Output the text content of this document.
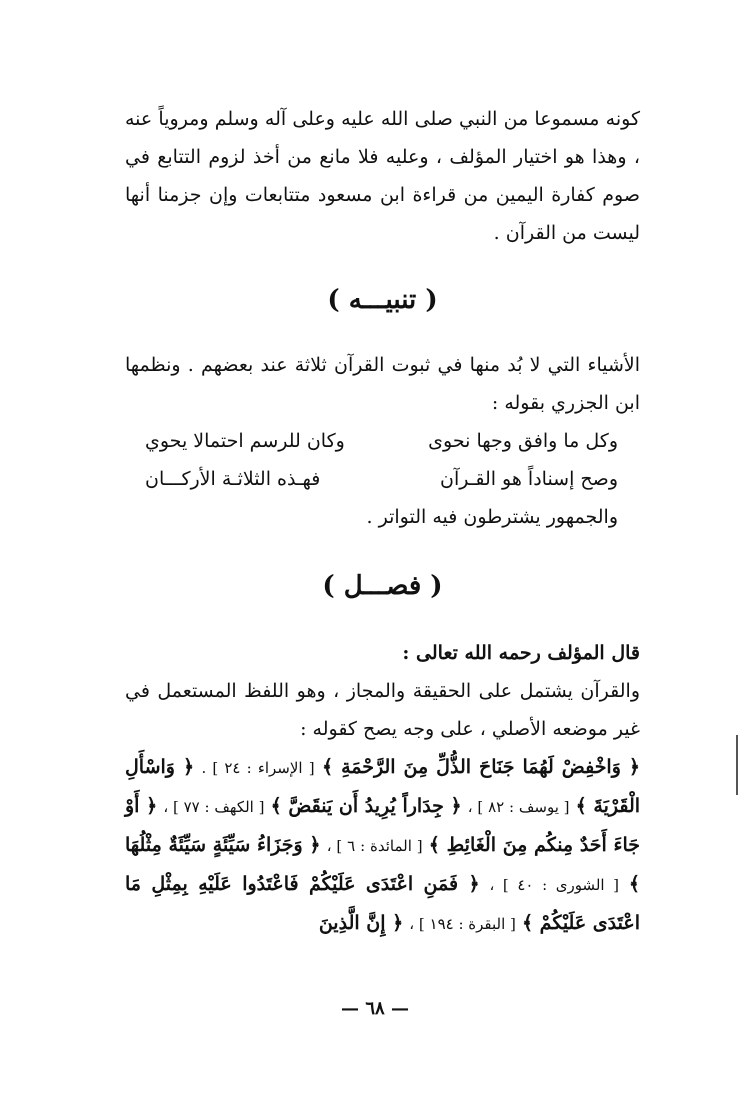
كونه مسموعا من النبي صلى الله عليه وعلى آله وسلم ومروياً عنه ، وهذا هو اختيار المؤلف ، وعليه فلا مانع من أخذ لزوم التتابع في صوم كفارة اليمين من قراءة ابن مسعود متتابعات وإن جزمنا أنها ليست من القرآن .

( تنبيـــه )

الأشياء التي لا بُد منها في ثبوت القرآن ثلاثة عند بعضهم . ونظمها ابن الجزري بقوله :

وكل ما وافق وجها نحوى
وكان للرسم احتمالا يحوي
وصح إسناداً هو القـرآن
فهـذه الثلاثـة الأركـــان

والجمهور يشترطون فيه التواتر .

( فصـــل )

قال المؤلف رحمه الله تعالى :

والقرآن يشتمل على الحقيقة والمجاز ، وهو اللفظ المستعمل في غير موضعه الأصلي ، على وجه يصح كقوله :

﴿ وَاخْفِضْ لَهُمَا جَنَاحَ الذُّلِّ مِنَ الرَّحْمَةِ ﴾ [ الإسراء : ٢٤ ] . ﴿ وَاسْأَلِ الْقَرْيَةَ ﴾ [ يوسف : ٨٢ ] ، ﴿ جِدَاراً يُرِيدُ أَن يَنقَضَّ ﴾ [ الكهف : ٧٧ ] ، ﴿ أَوْ جَاءَ أَحَدٌ مِنكُم مِنَ الْغَائِطِ ﴾ [ المائدة : ٦ ] ، ﴿ وَجَزَاءُ سَيِّئَةٍ سَيِّئَةٌ مِثْلُهَا ﴾ [ الشورى : ٤٠ ] ، ﴿ فَمَنِ اعْتَدَى عَلَيْكُمْ فَاعْتَدُوا عَلَيْهِ بِمِثْلِ مَا اعْتَدَى عَلَيْكُمْ ﴾ [ البقرة : ١٩٤ ] ، ﴿ إِنَّ الَّذِينَ

— ٦٨ —
